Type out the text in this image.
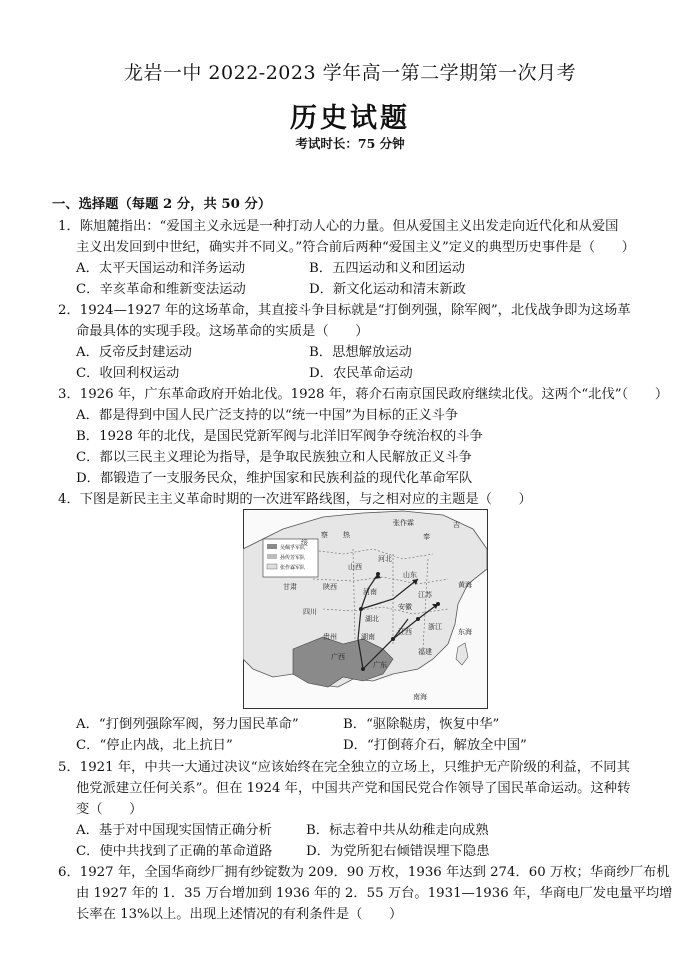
龙岩一中 2022-2023 学年高一第二学期第一次月考
历史试题
考试时长：75 分钟
一、选择题（每题 2 分，共 50 分）
1．陈旭麓指出：“爱国主义永远是一种打动人心的力量。但从爱国主义出发走向近代化和从爱国
主义出发回到中世纪，确实并不同义。”符合前后两种“爱国主义”定义的典型历史事件是（　　）
A．太平天国运动和洋务运动	B．五四运动和义和团运动
C．辛亥革命和维新变法运动	D．新文化运动和清末新政
2．1924—1927 年的这场革命，其直接斗争目标就是“打倒列强，除军阀”，北伐战争即为这场革
命最具体的实现手段。这场革命的实质是（　　）
A．反帝反封建运动	B．思想解放运动
C．收回利权运动	D．农民革命运动
3．1926 年，广东革命政府开始北伐。1928 年，蒋介石南京国民政府继续北伐。这两个“北伐”（　　）
A．都是得到中国人民广泛支持的以“统一中国”为目标的正义斗争
B．1928 年的北伐，是国民党新军阀与北洋旧军阀争夺统治权的斗争
C．都以三民主义理论为指导，是争取民族独立和人民解放正义斗争
D．都锻造了一支服务民众，维护国家和民族利益的现代化革命军队
4．下图是新民主主义革命时期的一次进军路线图，与之相对应的主题是（　　）
吴佩孚军队
孙传芳军队
张作霖军队
张作霖
热
察
绥
奉
吉
山西
河北
山东
河南	江苏
安徽
湖北
湖南
江西
浙江
福建
广东
广西
贵州
四川
陕西
甘肃	黄海
东海
南海
A．“打倒列强除军阀，努力国民革命”	B．“驱除鞑虏，恢复中华”
C．“停止内战，北上抗日”	D．“打倒蒋介石，解放全中国”
5．1921 年，中共一大通过决议“应该始终在完全独立的立场上，只维护无产阶级的利益，不同其
他党派建立任何关系”。但在 1924 年，中国共产党和国民党合作领导了国民革命运动。这种转
变（　　）
A．基于对中国现实国情正确分析	B．标志着中共从幼稚走向成熟
C．使中共找到了正确的革命道路	D．为党所犯右倾错误埋下隐患
6．1927 年，全国华商纱厂拥有纱锭数为 209．90 万枚，1936 年达到 274．60 万枚；华商纱厂布机
由 1927 年的 1．35 万台增加到 1936 年的 2．55 万台。1931—1936 年，华商电厂发电量平均增
长率在 13%以上。出现上述情况的有利条件是（　　）
